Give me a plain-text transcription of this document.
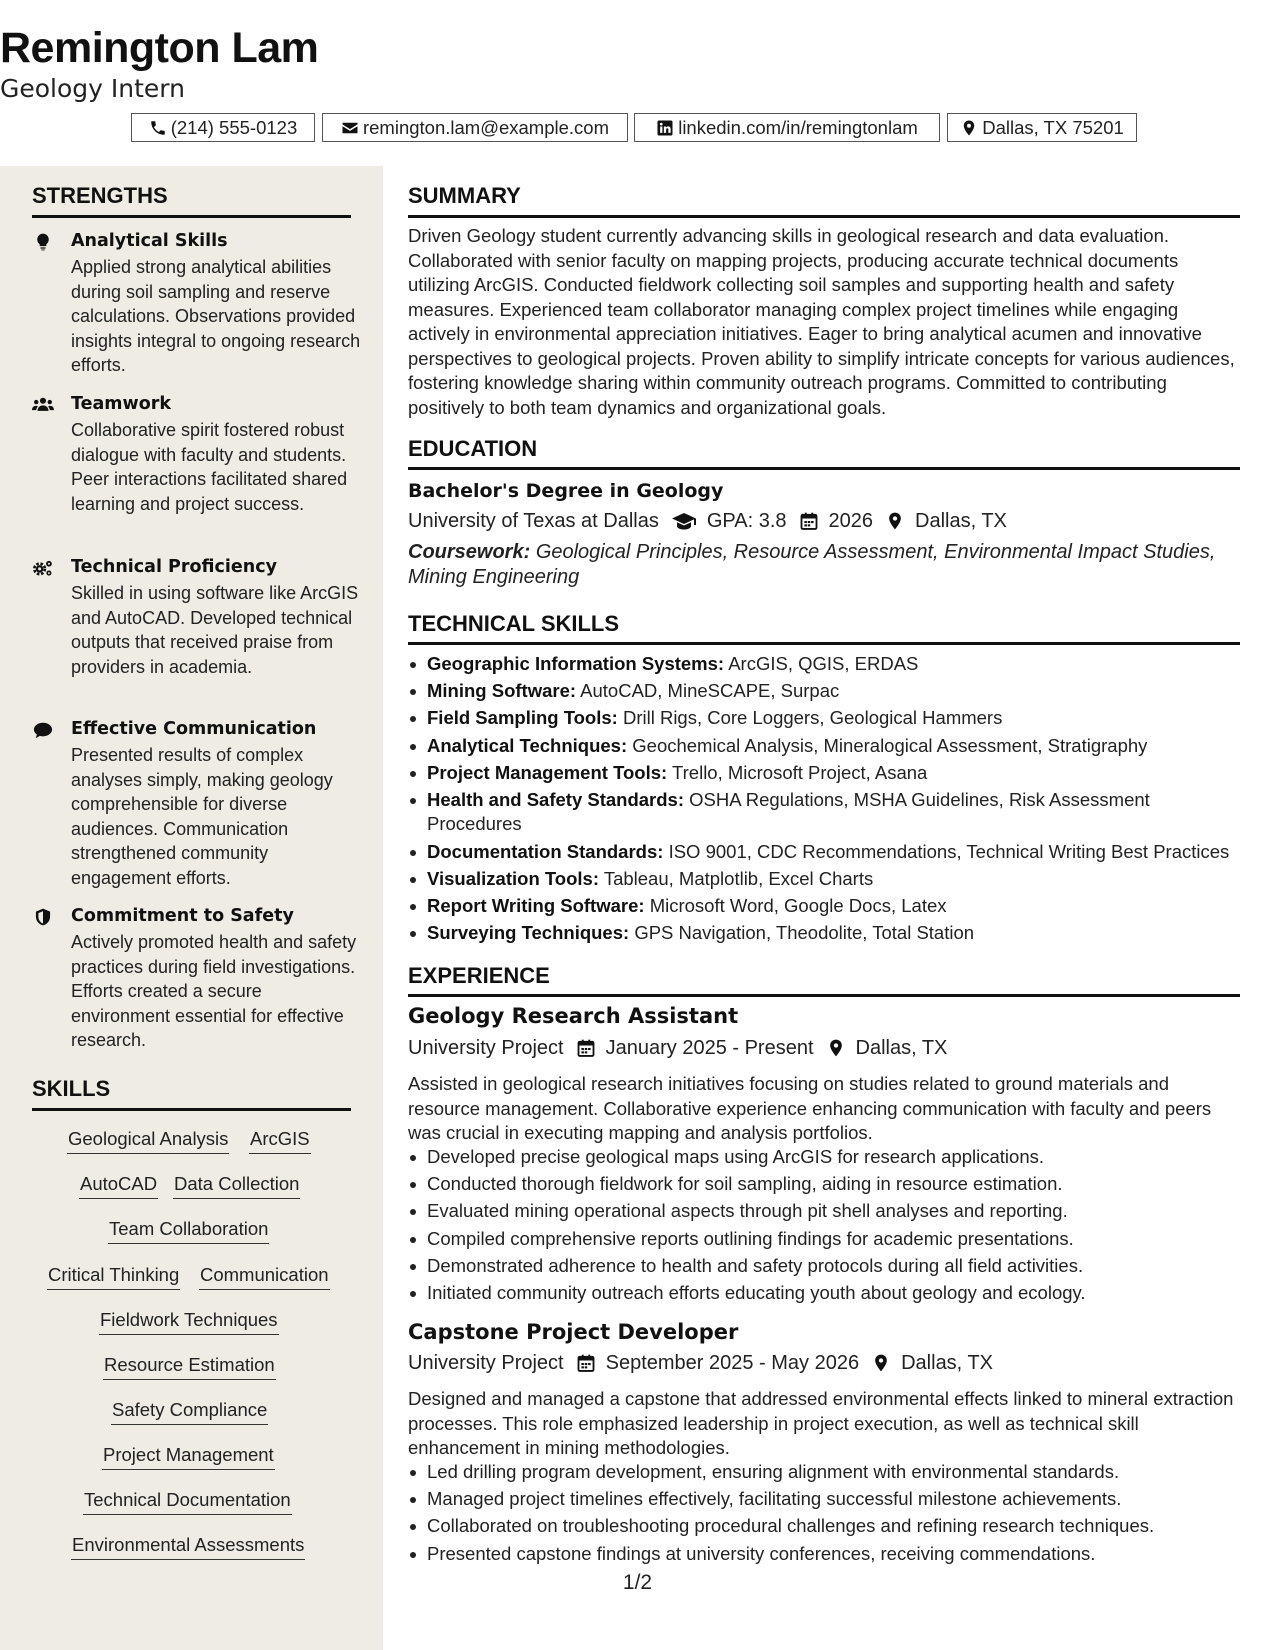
Remington Lam
Geology Intern
(214) 555-0123	remington.lam@example.com	linkedin.com/in/remingtonlam	Dallas, TX 75201
STRENGTHS
Analytical Skills
Applied strong analytical abilities during soil sampling and reserve calculations. Observations provided insights integral to ongoing research efforts.
Teamwork
Collaborative spirit fostered robust dialogue with faculty and students. Peer interactions facilitated shared learning and project success.
Technical Proficiency
Skilled in using software like ArcGIS and AutoCAD. Developed technical outputs that received praise from providers in academia.
Effective Communication
Presented results of complex analyses simply, making geology comprehensible for diverse audiences. Communication strengthened community engagement efforts.
Commitment to Safety
Actively promoted health and safety practices during field investigations. Efforts created a secure environment essential for effective research.
SKILLS
Geological Analysis ArcGIS
AutoCAD Data Collection
Team Collaboration
Critical Thinking Communication
Fieldwork Techniques
Resource Estimation
Safety Compliance
Project Management
Technical Documentation
Environmental Assessments
SUMMARY
Driven Geology student currently advancing skills in geological research and data evaluation. Collaborated with senior faculty on mapping projects, producing accurate technical documents utilizing ArcGIS. Conducted fieldwork collecting soil samples and supporting health and safety measures. Experienced team collaborator managing complex project timelines while engaging actively in environmental appreciation initiatives. Eager to bring analytical acumen and innovative perspectives to geological projects. Proven ability to simplify intricate concepts for various audiences, fostering knowledge sharing within community outreach programs. Committed to contributing positively to both team dynamics and organizational goals.
EDUCATION
Bachelor's Degree in Geology
University of Texas at Dallas GPA: 3.8 2026 Dallas, TX
Coursework: Geological Principles, Resource Assessment, Environmental Impact Studies, Mining Engineering
TECHNICAL SKILLS
Geographic Information Systems: ArcGIS, QGIS, ERDAS
Mining Software: AutoCAD, MineSCAPE, Surpac
Field Sampling Tools: Drill Rigs, Core Loggers, Geological Hammers
Analytical Techniques: Geochemical Analysis, Mineralogical Assessment, Stratigraphy
Project Management Tools: Trello, Microsoft Project, Asana
Health and Safety Standards: OSHA Regulations, MSHA Guidelines, Risk Assessment Procedures
Documentation Standards: ISO 9001, CDC Recommendations, Technical Writing Best Practices
Visualization Tools: Tableau, Matplotlib, Excel Charts
Report Writing Software: Microsoft Word, Google Docs, Latex
Surveying Techniques: GPS Navigation, Theodolite, Total Station
EXPERIENCE
Geology Research Assistant
University Project January 2025 - Present Dallas, TX
Assisted in geological research initiatives focusing on studies related to ground materials and resource management. Collaborative experience enhancing communication with faculty and peers was crucial in executing mapping and analysis portfolios.
Developed precise geological maps using ArcGIS for research applications.
Conducted thorough fieldwork for soil sampling, aiding in resource estimation.
Evaluated mining operational aspects through pit shell analyses and reporting.
Compiled comprehensive reports outlining findings for academic presentations.
Demonstrated adherence to health and safety protocols during all field activities.
Initiated community outreach efforts educating youth about geology and ecology.
Capstone Project Developer
University Project September 2025 - May 2026 Dallas, TX
Designed and managed a capstone that addressed environmental effects linked to mineral extraction processes. This role emphasized leadership in project execution, as well as technical skill enhancement in mining methodologies.
Led drilling program development, ensuring alignment with environmental standards.
Managed project timelines effectively, facilitating successful milestone achievements.
Collaborated on troubleshooting procedural challenges and refining research techniques.
Presented capstone findings at university conferences, receiving commendations.
1/2
